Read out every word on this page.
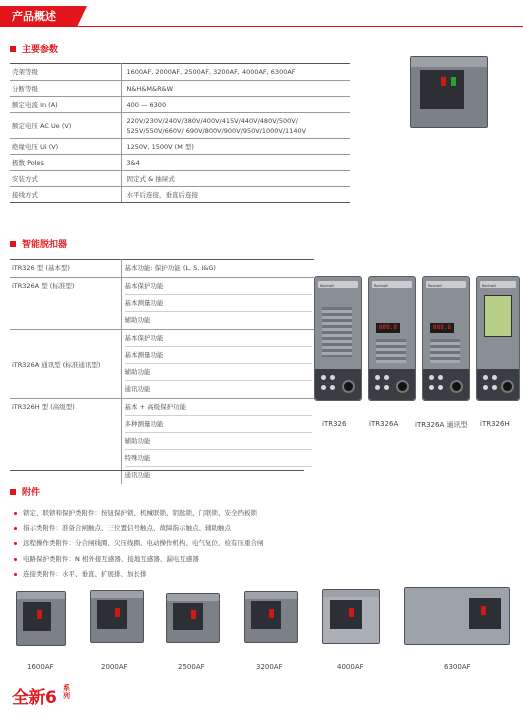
产品概述
主要参数
壳架等级	1600AF, 2000AF, 2500AF, 3200AF, 4000AF, 6300AF
分断等级	N&H&M&R&W
额定电流 In (A)	400 — 6300
额定电压 AC Ue (V)	220V/230V/240V/380V/400V/415V/440V/480V/500V/
525V/550V/660V/ 690V/800V/900V/950V/1000V/1140V
绝缘电压 Ui (V)	1250V, 1500V (M 型)
极数 Poles	3&4
安装方式	固定式 & 抽屉式
接线方式	水平后连接，垂直后连接
智能脱扣器
iTR326 型 (基本型)	基本功能: 保护功能 (L, S, I&G)

iTR326A 型 (标准型)	基本保护功能
基本测量功能
辅助功能

iTR326A 通讯型 (标准通讯型)	基本保护功能
基本测量功能
辅助功能
通讯功能

iTR326H 型 (高级型)	基本 + 高级保护功能
多种测量功能
辅助功能
特殊功能
通讯功能
Rockwill	Rockwill
888.8
Rockwill
888.8
Rockwill
iTR326	iTR326A iTR326A 通讯型 iTR326H
附件
锁定、联锁和保护类附件：按钮保护锁、机械联锁、钥匙锁、门联锁、安全挡板锁
指示类附件：准备合闸触点、三位置信号触点、故障指示触点、辅助触点
远程操作类附件：分合闸线圈、欠压线圈、电动操作机构、电气复位、检有压重合闸
电路保护类附件：N 相外接互感器、接地互感器、漏电互感器
连接类附件：水平、垂直、扩展排、加长排
1600AF	2000AF	2500AF	3200AF	4000AF	6300AF
全新6 系列
